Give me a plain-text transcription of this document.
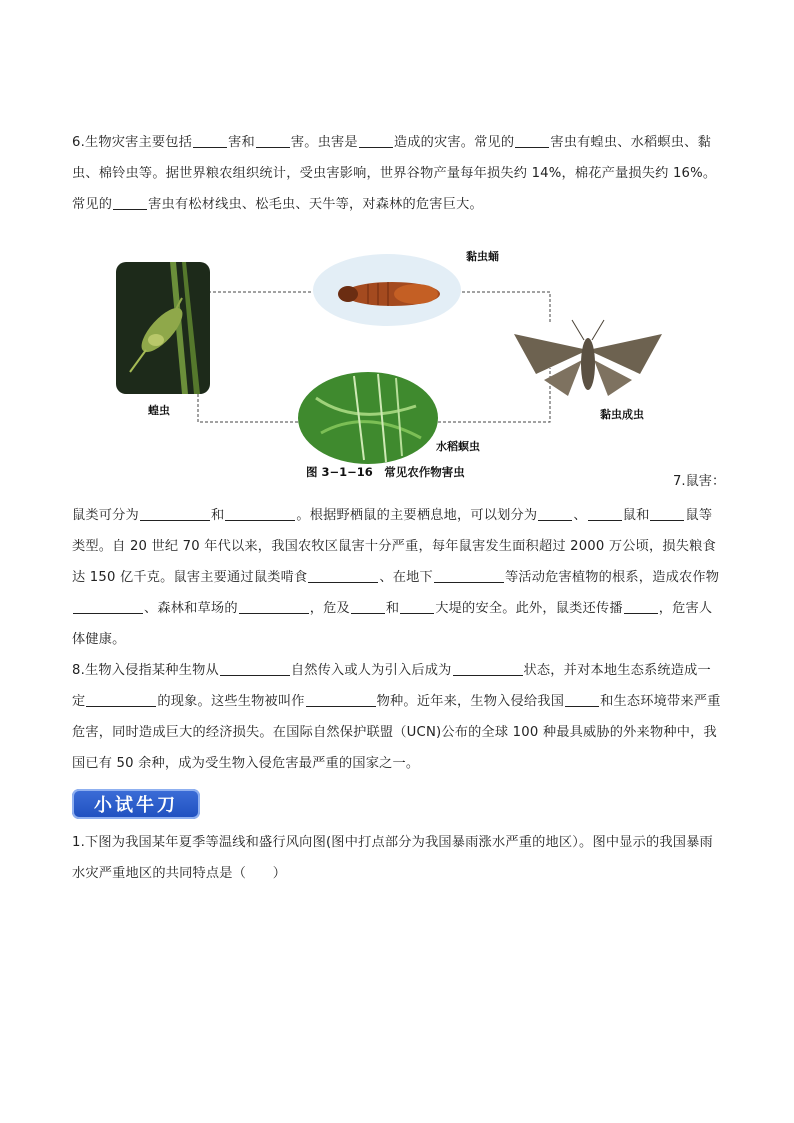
6.生物灾害主要包括	害和	害。虫害是	造成的灾害。常见的	害虫有蝗虫、水稻螟虫、黏虫、棉铃虫等。据世界粮农组织统计，受虫害影响，世界谷物产量每年损失约 14%，棉花产量损失约 16%。常见的	害虫有松材线虫、松毛虫、天牛等，对森林的危害巨大。
黏虫蛹
蝗虫	黏虫成虫
水稻螟虫
图 3−1−16　常见农作物害虫
7.鼠害：
鼠类可分为	和	。根据野栖鼠的主要栖息地，可以划分为	、	鼠和	鼠等类型。自 20 世纪 70 年代以来，我国农牧区鼠害十分严重，每年鼠害发生面积超过 2000 万公顷，损失粮食达 150 亿千克。鼠害主要通过鼠类啃食	、在地下	等活动危害植物的根系，造成农作物、森林和草场的	，危及	和	大堤的安全。此外，鼠类还传播	，危害人体健康。
8.生物入侵指某种生物从	自然传入或人为引入后成为	状态，并对本地生态系统造成一定	的现象。这些生物被叫作	物种。近年来，生物入侵给我国	和生态环境带来严重危害，同时造成巨大的经济损失。在国际自然保护联盟（UCN)公布的全球 100 种最具威胁的外来物种中，我国已有 50 余种，成为受生物入侵危害最严重的国家之一。
小试牛刀
1.下图为我国某年夏季等温线和盛行风向图(图中打点部分为我国暴雨涨水严重的地区）。图中显示的我国暴雨水灾严重地区的共同特点是（　　）
